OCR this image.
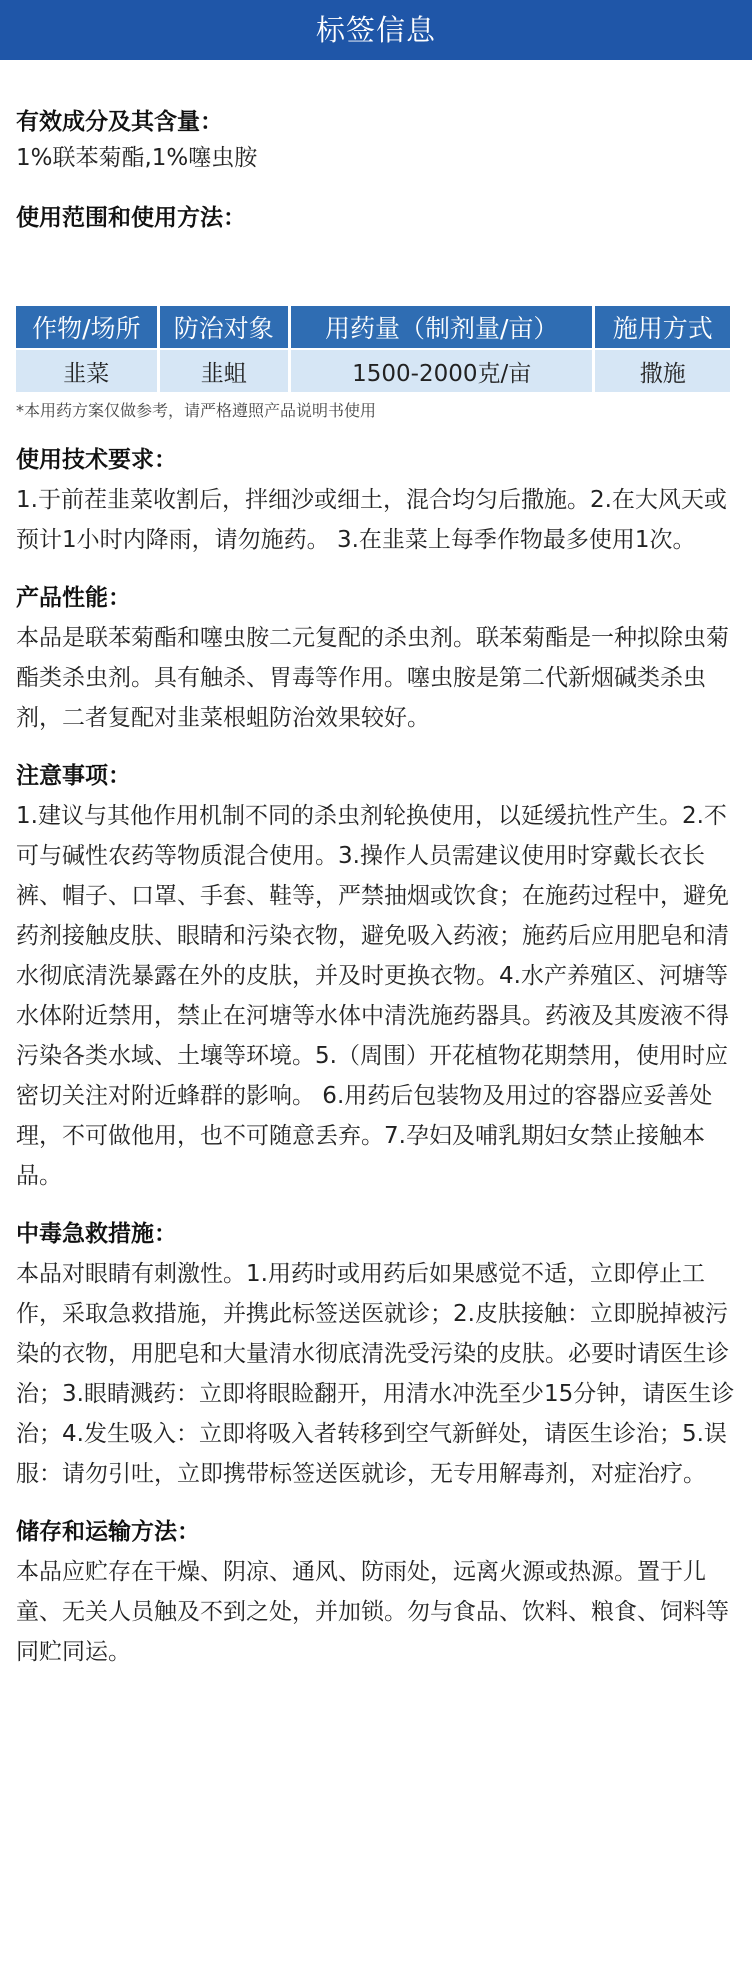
标签信息

有效成分及其含量：

1%联苯菊酯,1%噻虫胺

使用范围和使用方法：

作物/场所	防治对象	用药量（制剂量/亩）	施用方式
韭菜	韭蛆	1500-2000克/亩	撒施

*本用药方案仅做参考，请严格遵照产品说明书使用

使用技术要求：

1.于前茬韭菜收割后，拌细沙或细土，混合均匀后撒施。2.在大风天或预计1小时内降雨，请勿施药。 3.在韭菜上每季作物最多使用1次。

产品性能：

本品是联苯菊酯和噻虫胺二元复配的杀虫剂。联苯菊酯是一种拟除虫菊酯类杀虫剂。具有触杀、胃毒等作用。噻虫胺是第二代新烟碱类杀虫剂，二者复配对韭菜根蛆防治效果较好。

注意事项：

1.建议与其他作用机制不同的杀虫剂轮换使用，以延缓抗性产生。2.不可与碱性农药等物质混合使用。3.操作人员需建议使用时穿戴长衣长裤、帽子、口罩、手套、鞋等，严禁抽烟或饮食；在施药过程中，避免药剂接触皮肤、眼睛和污染衣物，避免吸入药液；施药后应用肥皂和清水彻底清洗暴露在外的皮肤，并及时更换衣物。4.水产养殖区、河塘等水体附近禁用，禁止在河塘等水体中清洗施药器具。药液及其废液不得污染各类水域、土壤等环境。5.（周围）开花植物花期禁用，使用时应密切关注对附近蜂群的影响。 6.用药后包装物及用过的容器应妥善处理，不可做他用，也不可随意丢弃。7.孕妇及哺乳期妇女禁止接触本品。

中毒急救措施：

本品对眼睛有刺激性。1.用药时或用药后如果感觉不适，立即停止工作，采取急救措施，并携此标签送医就诊；2.皮肤接触：立即脱掉被污染的衣物，用肥皂和大量清水彻底清洗受污染的皮肤。必要时请医生诊治；3.眼睛溅药：立即将眼睑翻开，用清水冲洗至少15分钟，请医生诊治；4.发生吸入：立即将吸入者转移到空气新鲜处，请医生诊治；5.误服：请勿引吐，立即携带标签送医就诊，无专用解毒剂，对症治疗。

储存和运输方法：

本品应贮存在干燥、阴凉、通风、防雨处，远离火源或热源。置于儿童、无关人员触及不到之处，并加锁。勿与食品、饮料、粮食、饲料等同贮同运。
